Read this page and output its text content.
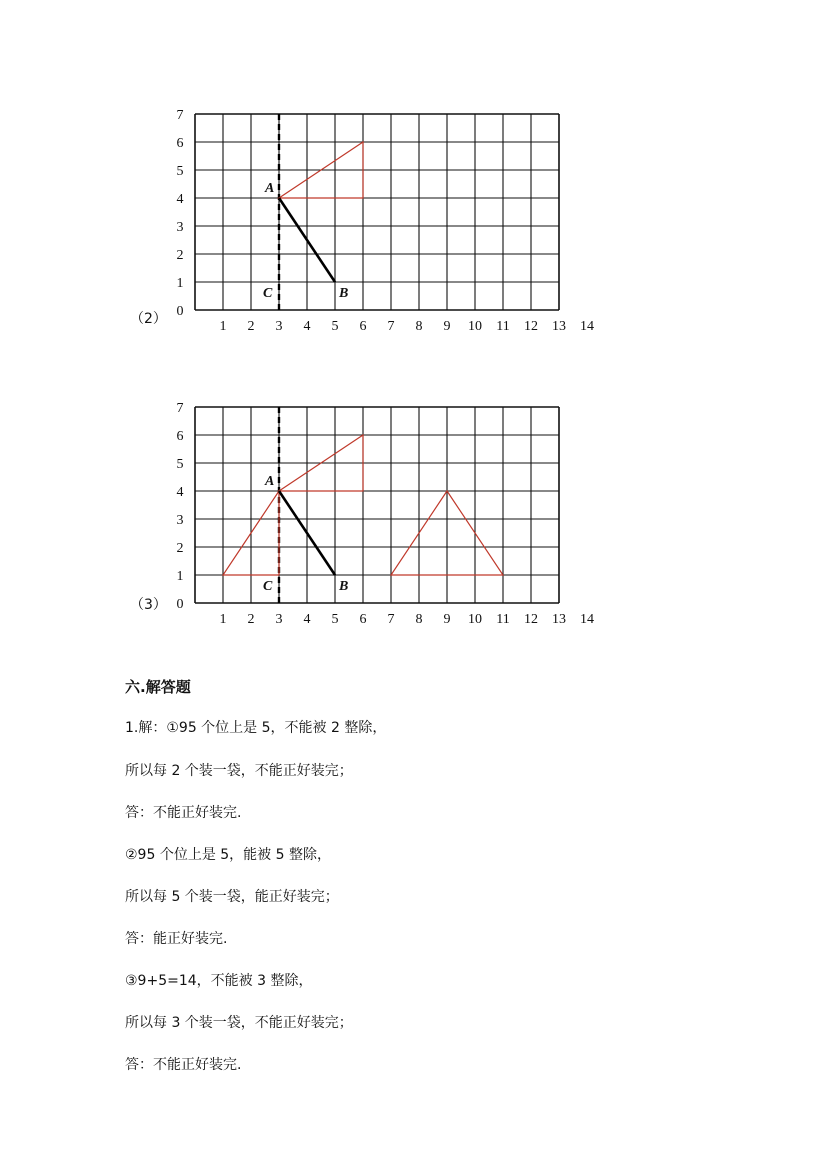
（2） 0
1
2
3
4
5
6
7
1 2 3 4 5 6 7 8 9 10 11 12 13 14
A
B
C
（3） 0
1
2
3
4
5
6
7
1 2 3 4 5 6 7 8 9 10 11 12 13 14
A
B
C

六.解答题

1.解：①95 个位上是 5，不能被 2 整除，
所以每 2 个装一袋，不能正好装完；
答：不能正好装完.
②95 个位上是 5，能被 5 整除，
所以每 5 个装一袋，能正好装完；
答：能正好装完.
③9+5=14，不能被 3 整除，
所以每 3 个装一袋，不能正好装完；
答：不能正好装完.
